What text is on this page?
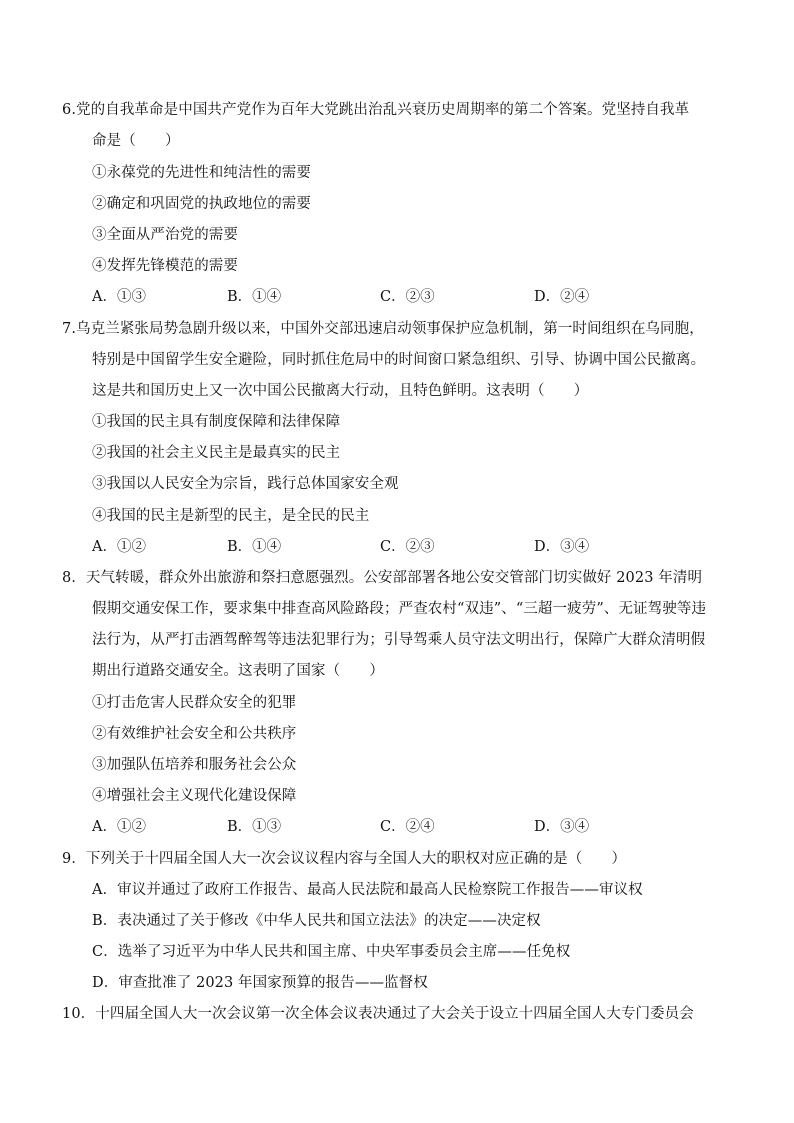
6.党的自我革命是中国共产党作为百年大党跳出治乱兴衰历史周期率的第二个答案。党坚持自我革
命是（　　）
①永葆党的先进性和纯洁性的需要
②确定和巩固党的执政地位的需要
③全面从严治党的需要
④发挥先锋模范的需要
A．①③	B．①④	C．②③	D．②④
7.乌克兰紧张局势急剧升级以来，中国外交部迅速启动领事保护应急机制，第一时间组织在乌同胞，
特别是中国留学生安全避险，同时抓住危局中的时间窗口紧急组织、引导、协调中国公民撤离。
这是共和国历史上又一次中国公民撤离大行动，且特色鲜明。这表明（　　）
①我国的民主具有制度保障和法律保障
②我国的社会主义民主是最真实的民主
③我国以人民安全为宗旨，践行总体国家安全观
④我国的民主是新型的民主，是全民的民主
A．①②	B．①④	C．②③	D．③④
8．天气转暖，群众外出旅游和祭扫意愿强烈。公安部部署各地公安交管部门切实做好 2023 年清明
假期交通安保工作，要求集中排查高风险路段；严查农村“双违”、“三超一疲劳”、无证驾驶等违
法行为，从严打击酒驾醉驾等违法犯罪行为；引导驾乘人员守法文明出行，保障广大群众清明假
期出行道路交通安全。这表明了国家（　　）
①打击危害人民群众安全的犯罪
②有效维护社会安全和公共秩序
③加强队伍培养和服务社会公众
④增强社会主义现代化建设保障
A．①②	B．①③	C．②④	D．③④
9．下列关于十四届全国人大一次会议议程内容与全国人大的职权对应正确的是（　　）
A．审议并通过了政府工作报告、最高人民法院和最高人民检察院工作报告——审议权
B．表决通过了关于修改《中华人民共和国立法法》的决定——决定权
C．选举了习近平为中华人民共和国主席、中央军事委员会主席——任免权
D．审查批准了 2023 年国家预算的报告——监督权
10．十四届全国人大一次会议第一次全体会议表决通过了大会关于设立十四届全国人大专门委员会
